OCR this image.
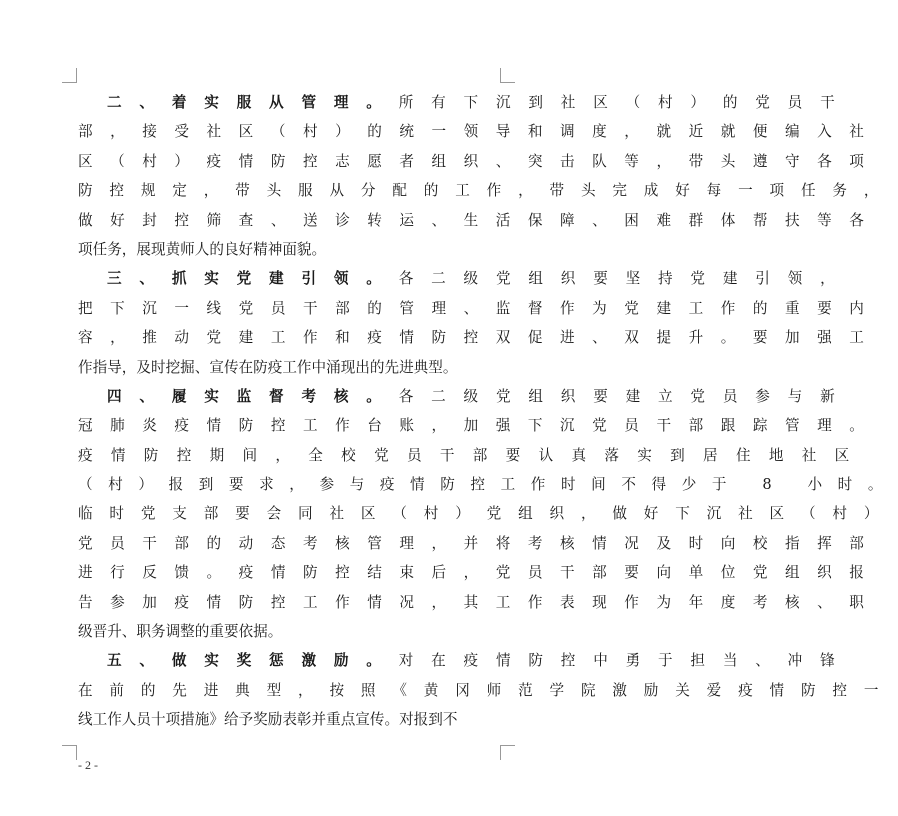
二、着实服从管理。所有下沉到社区（村）的党员干
部，接受社区（村）的统一领导和调度，就近就便编入社
区（村）疫情防控志愿者组织、突击队等，带头遵守各项
防控规定，带头服从分配的工作，带头完成好每一项任务，
做好封控筛查、送诊转运、生活保障、困难群体帮扶等各
项任务，展现黄师人的良好精神面貌。
三、抓实党建引领。各二级党组织要坚持党建引领，
把下沉一线党员干部的管理、监督作为党建工作的重要内
容，推动党建工作和疫情防控双促进、双提升。要加强工
作指导，及时挖掘、宣传在防疫工作中涌现出的先进典型。
四、履实监督考核。各二级党组织要建立党员参与新
冠肺炎疫情防控工作台账，加强下沉党员干部跟踪管理。
疫情防控期间，全校党员干部要认真落实到居住地社区
（村）报到要求，参与疫情防控工作时间不得少于 8 小时。
临时党支部要会同社区（村）党组织，做好下沉社区（村）
党员干部的动态考核管理，并将考核情况及时向校指挥部
进行反馈。疫情防控结束后，党员干部要向单位党组织报
告参加疫情防控工作情况，其工作表现作为年度考核、职
级晋升、职务调整的重要依据。
五、做实奖惩激励。对在疫情防控中勇于担当、冲锋
在前的先进典型，按照《黄冈师范学院激励关爱疫情防控一
线工作人员十项措施》给予奖励表彰并重点宣传。对报到不
- 2 -
